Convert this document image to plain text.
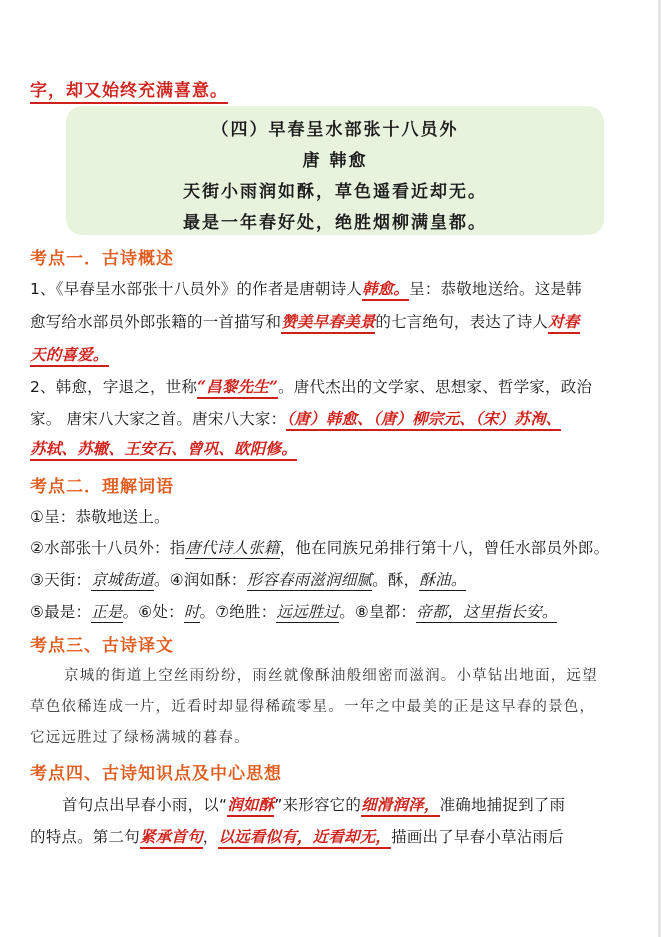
字，却又始终充满喜意。
（四）早春呈水部张十八员外
唐 韩愈
天街小雨润如酥，草色遥看近却无。
最是一年春好处，绝胜烟柳满皇都。
考点一．古诗概述
1、《早春呈水部张十八员外》的作者是唐朝诗人韩愈。呈：恭敬地送给。这是韩
愈写给水部员外郎张籍的一首描写和赞美早春美景的七言绝句，表达了诗人对春
天的喜爱。
2、韩愈，字退之，世称“昌黎先生”。唐代杰出的文学家、思想家、哲学家，政治
家。 唐宋八大家之首。唐宋八大家：（唐）韩愈、（唐）柳宗元、（宋）苏洵、
苏轼、苏辙、王安石、曾巩、欧阳修。
考点二．理解词语
①呈：恭敬地送上。
②水部张十八员外：指唐代诗人张籍，他在同族兄弟排行第十八，曾任水部员外郎。
③天街：京城街道。④润如酥：形容春雨滋润细腻。酥，酥油。
⑤最是：正是。⑥处：时。⑦绝胜：远远胜过。⑧皇都：帝都，这里指长安。
考点三、古诗译文
京城的街道上空丝雨纷纷，雨丝就像酥油般细密而滋润。小草钻出地面，远望
草色依稀连成一片，近看时却显得稀疏零星。一年之中最美的正是这早春的景色，
它远远胜过了绿杨满城的暮春。
考点四、古诗知识点及中心思想
首句点出早春小雨，以“润如酥”来形容它的细滑润泽，准确地捕捉到了雨
的特点。第二句紧承首句，以远看似有，近看却无，描画出了早春小草沾雨后
